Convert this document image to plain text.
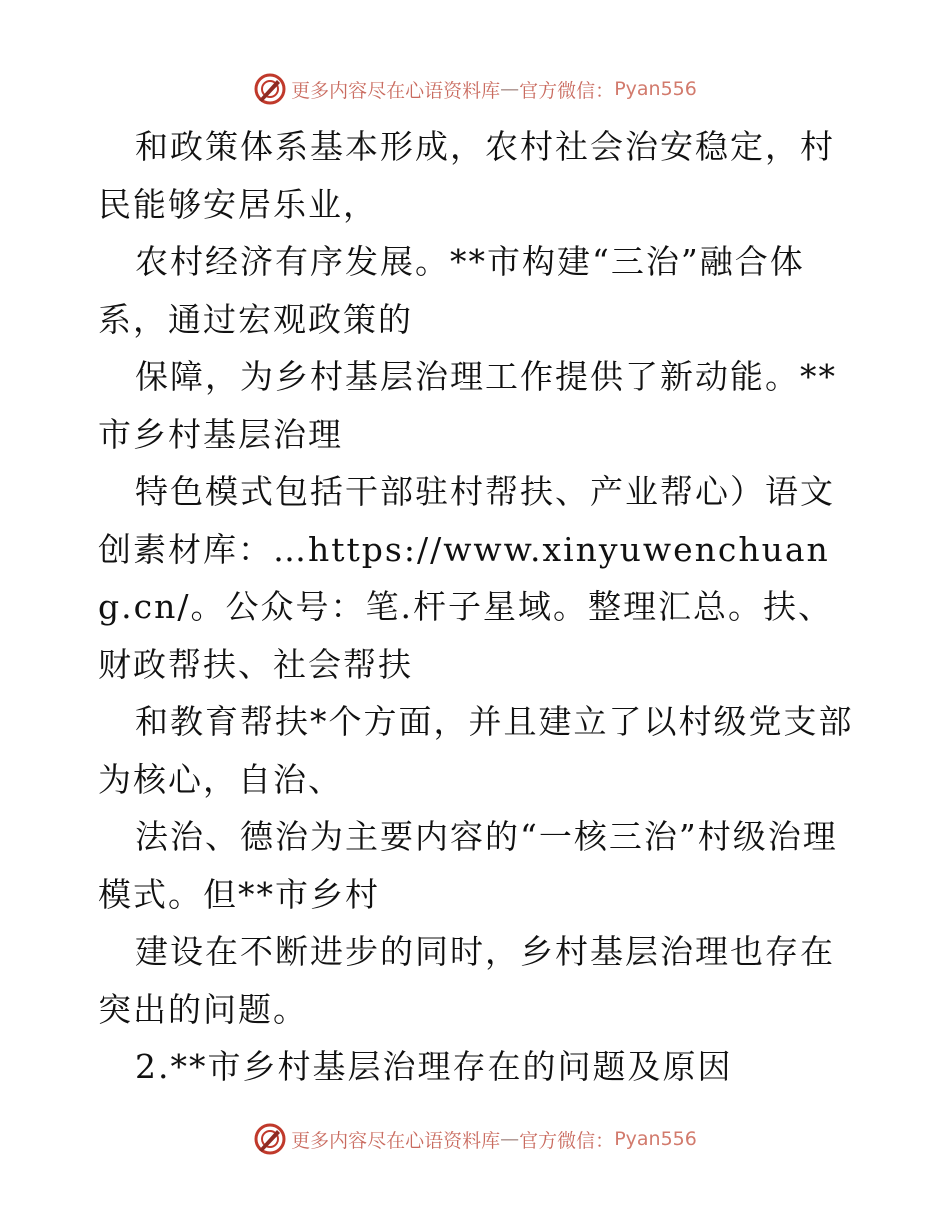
更多内容尽在心语资料库 — 官方微信： Pyan556

和政策体系基本形成，农村社会治安稳定，村民能够安居乐业，

农村经济有序发展。**市构建“三治”融合体系，通过宏观政策的

保障，为乡村基层治理工作提供了新动能。**市乡村基层治理

特色模式包括干部驻村帮扶、产业帮心）语文创素材库：…https://www.xinyuwenchuang.cn/。公众号：笔.杆子星域。整理汇总。扶、财政帮扶、社会帮扶

和教育帮扶*个方面，并且建立了以村级党支部为核心，自治、

法治、德治为主要内容的“一核三治”村级治理模式。但**市乡村

建设在不断进步的同时，乡村基层治理也存在突出的问题。

2.**市乡村基层治理存在的问题及原因

更多内容尽在心语资料库 — 官方微信： Pyan556
